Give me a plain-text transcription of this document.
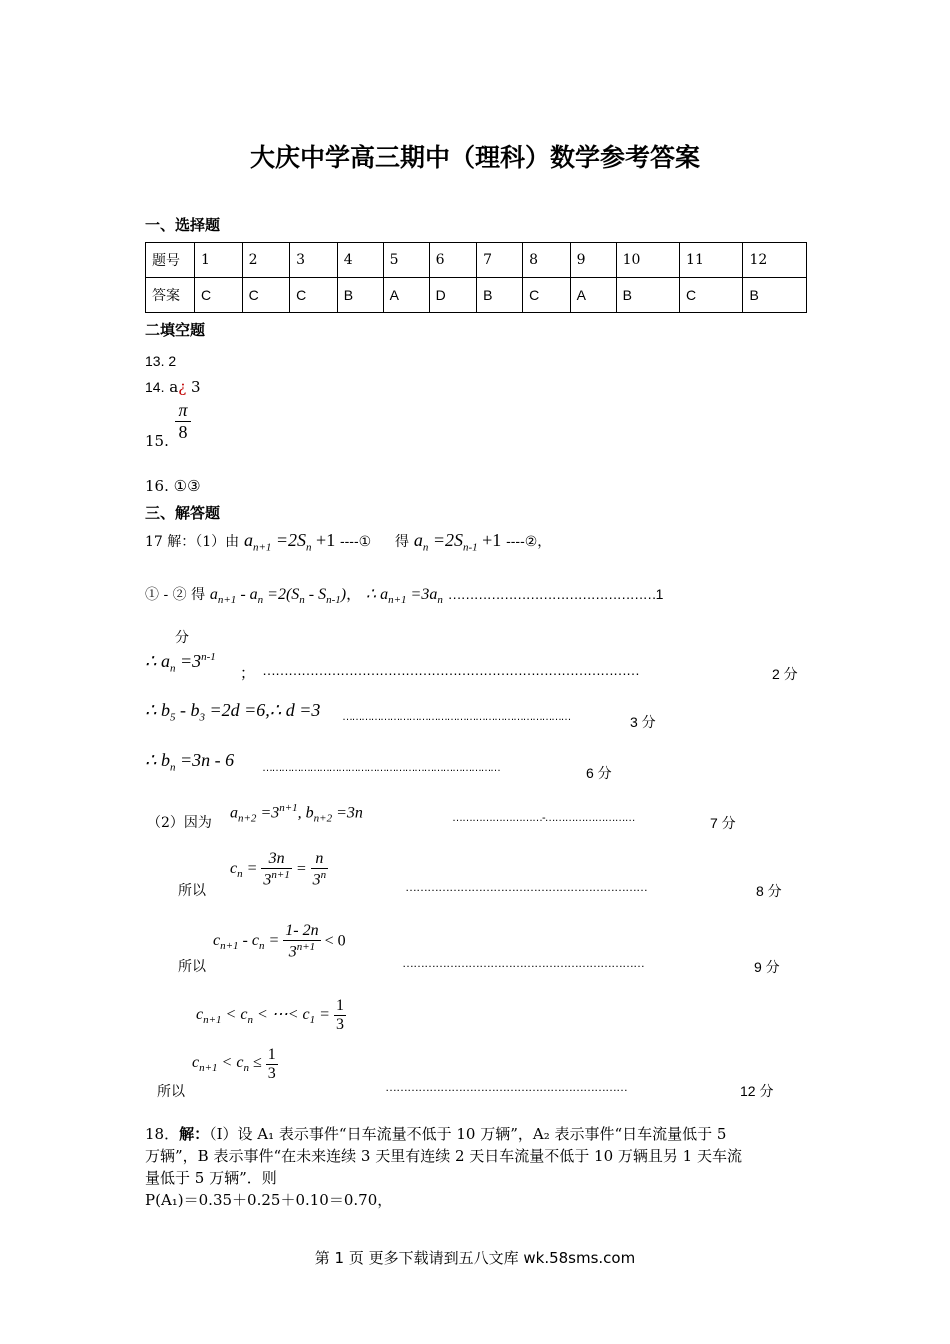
大庆中学高三期中（理科）数学参考答案
一、选择题
题号	1	2	3	4	5	6	7	8	9	10	11	12
答案	C	C	C	B	A	D	B	C	A	B	C	B
二填空题
13. 2
14. a¿ 3
15. $\frac{\pi}{8}$
16. ①③
三、解答题
17 解：（1）由 $a_{n+1} =2S_n +1$ ----① 得 $a_n =2S_{n-1} +1$ ----②，
① - ② 得 $a_{n+1} - a_n =2(S_n - S_{n-1})$， ∴ $a_{n+1} =3a_n$ …………………………………………1
分
∴ $a_n =3^{n-1}$
； ……………………………………………………………………………	2 分
∴ $b_5 - b_3 =2d$ =6,∴ d =3 ………………………………………………………………	3 分
∴ $b_n =3n - 6$	…………………………………………………………………	6 分
（2）因为
$a_{n+2} =3^{n+1}$, $b_{n+2} =3n$	………………………-………………………	7 分
所以
$c_n = \frac{3n}{3^{n+1}} = \frac{n}{3^n}$	…………………………………………………………	8 分
所以
$c_{n+1} - c_n = \frac{1- 2n}{3^{n+1}} < 0$
…………………………………………………………	9 分
$c_{n+1} < c_n$ < ⋯< $c_1 = \frac{1}{3}$
$c_{n+1} < c_n \le \frac{1}{3}$
所以	…………………………………………………………	12 分
18．解：（Ⅰ）设 A₁ 表示事件“日车流量不低于 10 万辆”，A₂ 表示事件“日车流量低于 5
万辆”，B 表示事件“在未来连续 3 天里有连续 2 天日车流量不低于 10 万辆且另 1 天车流
量低于 5 万辆”．则
P(A₁)＝0.35＋0.25＋0.10＝0.70，
第 1 页 更多下载请到五八文库 wk.58sms.com
